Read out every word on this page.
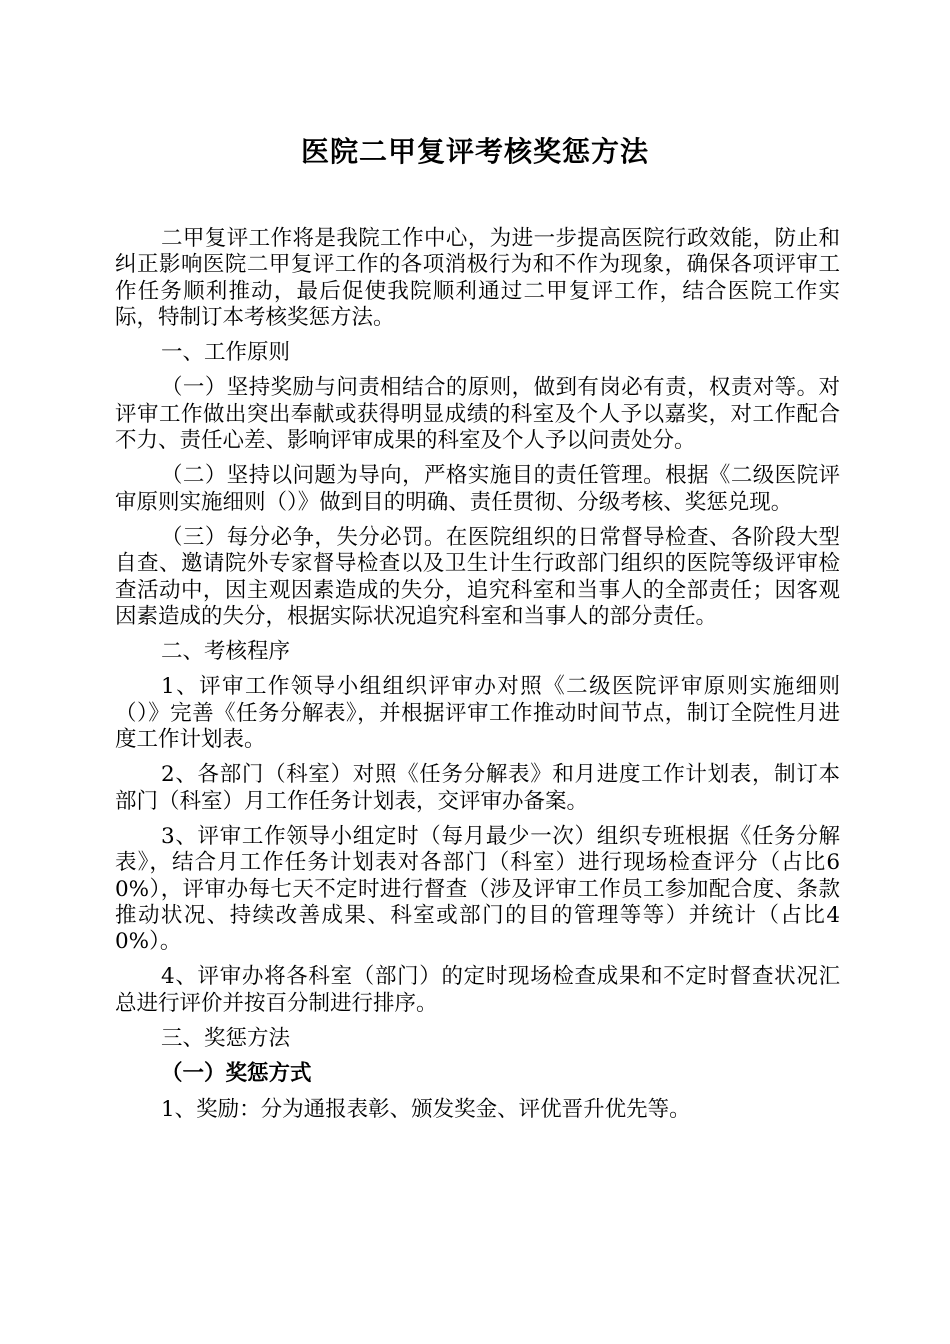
医院二甲复评考核奖惩方法

二甲复评工作将是我院工作中心，为进一步提高医院行政效能，防止和纠正影响医院二甲复评工作的各项消极行为和不作为现象，确保各项评审工作任务顺利推动，最后促使我院顺利通过二甲复评工作，结合医院工作实际，特制订本考核奖惩方法。

一、工作原则

（一）坚持奖励与问责相结合的原则，做到有岗必有责，权责对等。对评审工作做出突出奉献或获得明显成绩的科室及个人予以嘉奖，对工作配合不力、责任心差、影响评审成果的科室及个人予以问责处分。

（二）坚持以问题为导向，严格实施目的责任管理。根据《二级医院评审原则实施细则（）》做到目的明确、责任贯彻、分级考核、奖惩兑现。

（三）每分必争，失分必罚。在医院组织的日常督导检查、各阶段大型自查、邀请院外专家督导检查以及卫生计生行政部门组织的医院等级评审检查活动中，因主观因素造成的失分，追究科室和当事人的全部责任；因客观因素造成的失分，根据实际状况追究科室和当事人的部分责任。

二、考核程序

1、评审工作领导小组组织评审办对照《二级医院评审原则实施细则（）》完善《任务分解表》，并根据评审工作推动时间节点，制订全院性月进度工作计划表。

2、各部门（科室）对照《任务分解表》和月进度工作计划表，制订本部门（科室）月工作任务计划表，交评审办备案。

3、评审工作领导小组定时（每月最少一次）组织专班根据《任务分解表》，结合月工作任务计划表对各部门（科室）进行现场检查评分（占比60%），评审办每七天不定时进行督查（涉及评审工作员工参加配合度、条款推动状况、持续改善成果、科室或部门的目的管理等等）并统计（占比40%）。

4、评审办将各科室（部门）的定时现场检查成果和不定时督查状况汇总进行评价并按百分制进行排序。

三、奖惩方法

（一）奖惩方式

1、奖励：分为通报表彰、颁发奖金、评优晋升优先等。
